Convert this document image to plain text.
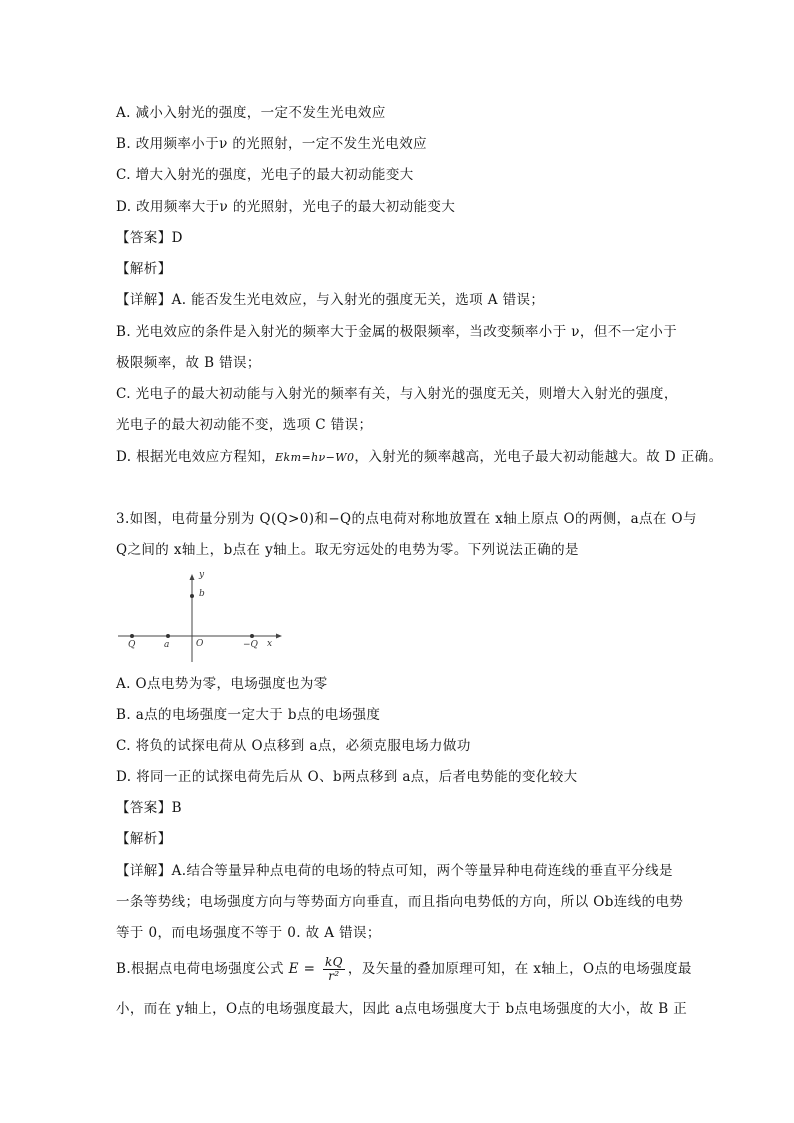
A. 减小入射光的强度，一定不发生光电效应
B. 改用频率小于ν 的光照射，一定不发生光电效应
C. 增大入射光的强度，光电子的最大初动能变大
D. 改用频率大于ν 的光照射，光电子的最大初动能变大
【答案】D
【解析】
【详解】A. 能否发生光电效应，与入射光的强度无关，选项 A 错误；
B. 光电效应的条件是入射光的频率大于金属的极限频率，当改变频率小于 ν，但不一定小于
极限频率，故 B 错误；
C. 光电子的最大初动能与入射光的频率有关，与入射光的强度无关，则增大入射光的强度，
光电子的最大初动能不变，选项 C 错误；
D. 根据光电效应方程知，Ekm=hν−W0，入射光的频率越高，光电子最大初动能越大。故 D 正确。
3.如图，电荷量分别为 Q(Q>0)和−Q的点电荷对称地放置在 x轴上原点 O的两侧，a点在 O与
Q之间的 x轴上，b点在 y轴上。取无穷远处的电势为零。下列说法正确的是
y
b
Q	a	O	−Q x
A. O点电势为零，电场强度也为零
B. a点的电场强度一定大于 b点的电场强度
C. 将负的试探电荷从 O点移到 a点，必须克服电场力做功
D. 将同一正的试探电荷先后从 O、b两点移到 a点，后者电势能的变化较大
【答案】B
【解析】
【详解】A.结合等量异种点电荷的电场的特点可知，两个等量异种电荷连线的垂直平分线是
一条等势线；电场强度方向与等势面方向垂直，而且指向电势低的方向，所以 Ob连线的电势
等于 0，而电场强度不等于 0. 故 A 错误；
B.根据点电荷电场强度公式 $E = \frac{kQ}{\text{r²}}$ ，及矢量的叠加原理可知，在 x轴上，O点的电场强度最
小，而在 y轴上，O点的电场强度最大，因此 a点电场强度大于 b点电场强度的大小，故 B 正
